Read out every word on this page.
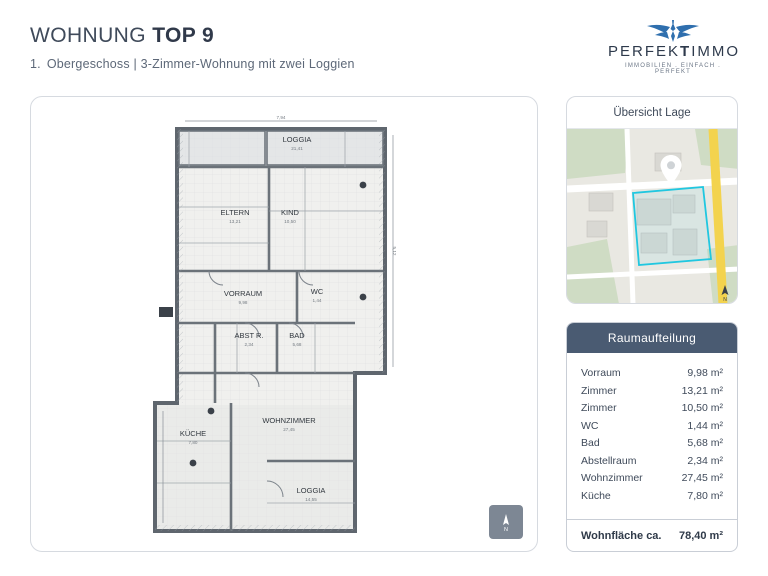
WOHNUNG TOP 9
1. Obergeschoss | 3-Zimmer-Wohnung mit zwei Loggien
PERFEKTIMMO
IMMOBILIEN . EINFACH . PERFEKT
LOGGIA
ELTERN	KIND
VORRAUM	WC
ABST R.	BAD
WOHNZIMMER
KÜCHE
LOGGIA
21,41
13,21	10,50
9,98	1,44
2,34	5,68
27,45
7,80
14,55
5,12
7,94
N
Übersicht Lage
N
Raumaufteilung
Vorraum	9,98 m²
Zimmer	13,21 m²
Zimmer	10,50 m²
WC	1,44 m²
Bad	5,68 m²
Abstellraum	2,34 m²
Wohnzimmer	27,45 m²
Küche	7,80 m²
Wohnfläche ca. 78,40 m²
